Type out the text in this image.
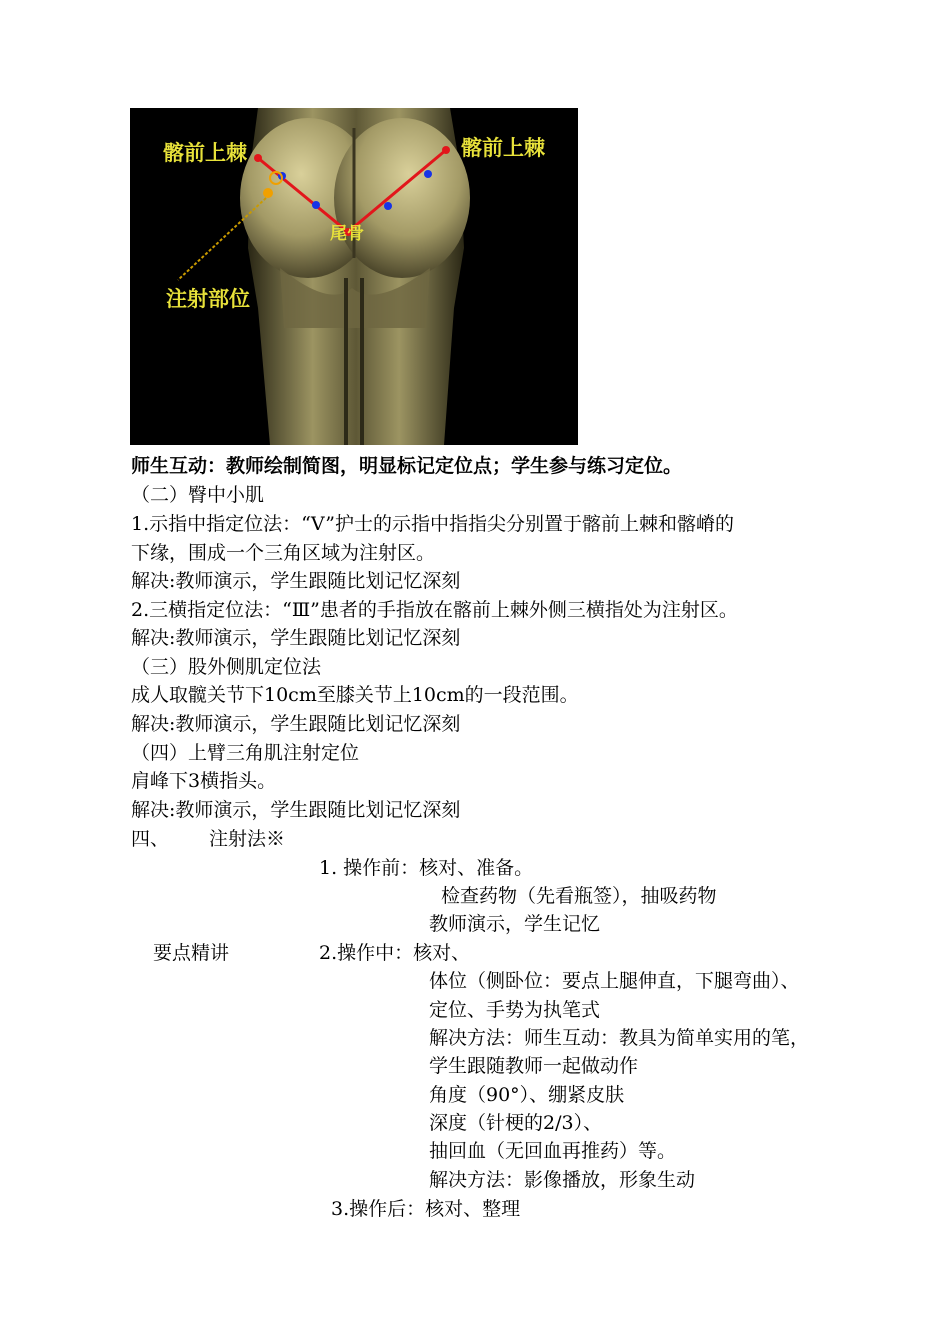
髂前上棘	髂前上棘
尾骨
注射部位
师生互动：教师绘制简图，明显标记定位点；学生参与练习定位。
（二）臀中小肌
1.示指中指定位法：“V”护士的示指中指指尖分别置于髂前上棘和髂嵴的
下缘，围成一个三角区域为注射区。
解决:教师演示，学生跟随比划记忆深刻
2.三横指定位法：“Ⅲ”患者的手指放在髂前上棘外侧三横指处为注射区。
解决:教师演示，学生跟随比划记忆深刻
（三）股外侧肌定位法
成人取髋关节下10cm至膝关节上10cm的一段范围。
解决:教师演示，学生跟随比划记忆深刻
（四）上臂三角肌注射定位
肩峰下3横指头。
解决:教师演示，学生跟随比划记忆深刻
四、 注射法※
1. 操作前：核对、准备。
检查药物（先看瓶签），抽吸药物
教师演示，学生记忆
要点精讲	2.操作中：核对、
体位（侧卧位：要点上腿伸直，下腿弯曲）、
定位、手势为执笔式
解决方法：师生互动：教具为简单实用的笔，
学生跟随教师一起做动作
角度（90°）、绷紧皮肤
深度（针梗的2/3）、
抽回血（无回血再推药）等。
解决方法：影像播放，形象生动
3.操作后：核对、整理
